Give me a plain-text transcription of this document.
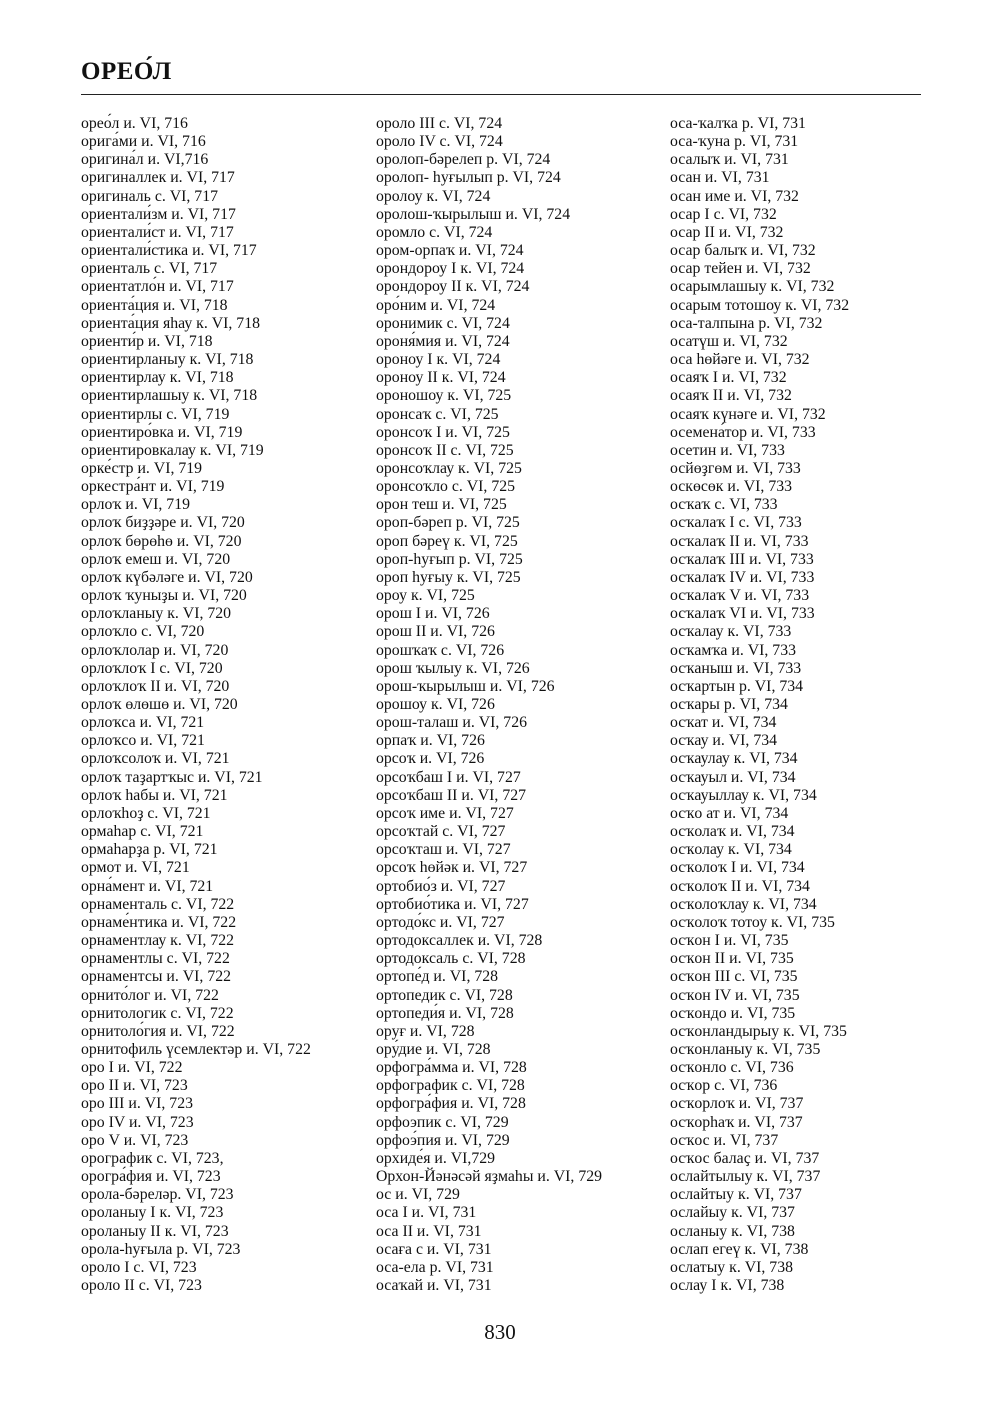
ОРЕО́Л
орео́л и. VI, 716
орига́ми и. VI, 716
оригина́л и. VI,716
оригиналлек и. VI, 717
оригиналь с. VI, 717
ориентали́зм и. VI, 717
ориентали́ст и. VI, 717
ориентали́стика и. VI, 717
ориенталь с. VI, 717
ориентатло́н и. VI, 717
ориента́ция и. VI, 718
ориента́ция яһау к. VI, 718
ориенти́р и. VI, 718
ориентирланыу к. VI, 718
ориентирлау к. VI, 718
ориентирлашыу к. VI, 718
ориентирлы с. VI, 719
ориентиро́вка и. VI, 719
ориентировкалау к. VI, 719
орке́стр и. VI, 719
оркестра́нт и. VI, 719
орлоҡ и. VI, 719
орлоҡ биҙҙәре и. VI, 720
орлоҡ бөрөһө и. VI, 720
орлоҡ емеш и. VI, 720
орлоҡ күбәләге и. VI, 720
орлоҡ ҡуныҙы и. VI, 720
орлоҡланыу к. VI, 720
орлоҡло с. VI, 720
орлоҡлолар и. VI, 720
орлоҡлоҡ I с. VI, 720
орлоҡлоҡ II и. VI, 720
орлоҡ өлөшө и. VI, 720
орлоҡса и. VI, 721
орлоҡсо и. VI, 721
орлоҡсолоҡ и. VI, 721
орлоҡ таҙартҡыс и. VI, 721
орлоҡ һабы и. VI, 721
орлоҡһоҙ с. VI, 721
ормаһар с. VI, 721
ормаһарҙа р. VI, 721
ормот и. VI, 721
орна́мент и. VI, 721
орнаменталь с. VI, 722
орнаме́нтика и. VI, 722
орнаментлау к. VI, 722
орнаментлы с. VI, 722
орнаментсы и. VI, 722
орнито́лог и. VI, 722
орнитологик с. VI, 722
орнитоло́гия и. VI, 722
орнитофиль үсемлектәр и. VI, 722
оро I и. VI, 722
оро II и. VI, 723
оро III и. VI, 723
оро IV и. VI, 723
оро V и. VI, 723
орографик с. VI, 723,
орогра́фия и. VI, 723
орола-бәреләр. VI, 723
ороланыу I к. VI, 723
ороланыу II к. VI, 723
орола-һуғыла р. VI, 723
ороло I с. VI, 723
ороло II с. VI, 723
ороло III с. VI, 724
ороло IV с. VI, 724
оролоп-бәрелеп р. VI, 724
оролоп- һуғылып р. VI, 724
оролоу к. VI, 724
оролош-ҡырылыш и. VI, 724
оромло с. VI, 724
ором-орпаҡ и. VI, 724
орондороу I к. VI, 724
орондороу II к. VI, 724
оро́ним и. VI, 724
оронимик с. VI, 724
ороня́мия и. VI, 724
ороноу I к. VI, 724
ороноу II к. VI, 724
ороношоу к. VI, 725
оронсаҡ с. VI, 725
оронсоҡ I и. VI, 725
оронсоҡ II с. VI, 725
оронсоҡлау к. VI, 725
оронсоҡло с. VI, 725
орон теш и. VI, 725
ороп-бәреп р. VI, 725
ороп бәреү к. VI, 725
ороп-һуғып р. VI, 725
ороп һуғыу к. VI, 725
ороу к. VI, 725
орош I и. VI, 726
орош II и. VI, 726
орошҡаҡ с. VI, 726
орош ҡылыу к. VI, 726
орош-ҡырылыш и. VI, 726
орошоу к. VI, 726
орош-талаш и. VI, 726
орпаҡ и. VI, 726
орсоҡ и. VI, 726
орсоҡбаш I и. VI, 727
орсоҡбаш II и. VI, 727
орсоҡ име и. VI, 727
орсоҡтай с. VI, 727
орсоҡташ и. VI, 727
орсоҡ һөйәк и. VI, 727
ортобио́з и. VI, 727
ортобио́тика и. VI, 727
ортодо́кс и. VI, 727
ортодоксаллек и. VI, 728
ортодоксаль с. VI, 728
ортопе́д и. VI, 728
ортопедик с. VI, 728
ортопеди́я и. VI, 728
оруғ и. VI, 728
ору́дие и. VI, 728
орфогра́мма и. VI, 728
орфографик с. VI, 728
орфогра́фия и. VI, 728
орфоэпик с. VI, 729
орфоэ́пия и. VI, 729
орхиде́я и. VI,729
Орхон-Йәнәсәй яҙмаһы и. VI, 729
ос и. VI, 729
оса I и. VI, 731
оса II и. VI, 731
осаға с и. VI, 731
оса-ела р. VI, 731
осаҡай и. VI, 731
оса-ҡалҡа р. VI, 731
оса-ҡуна р. VI, 731
осалыҡ и. VI, 731
осан и. VI, 731
осан име и. VI, 732
осар I с. VI, 732
осар II и. VI, 732
осар балыҡ и. VI, 732
осар тейен и. VI, 732
осарымлашыу к. VI, 732
осарым тотошоу к. VI, 732
оса-талпына р. VI, 732
осатүш и. VI, 732
оса һөйәге и. VI, 732
осаяҡ I и. VI, 732
осаяҡ II и. VI, 732
осаяҡ күнәге и. VI, 732
осемена́тор и. VI, 733
осетин и. VI, 733
осйөҙгөм и. VI, 733
оскөсөк и. VI, 733
осҡаҡ с. VI, 733
осҡалаҡ I с. VI, 733
осҡалаҡ II и. VI, 733
осҡалаҡ III и. VI, 733
осҡалаҡ IV и. VI, 733
осҡалаҡ V и. VI, 733
осҡалаҡ VI и. VI, 733
осҡалау к. VI, 733
осҡамҡа и. VI, 733
осҡаныш и. VI, 733
осҡартын р. VI, 734
осҡары р. VI, 734
осҡат и. VI, 734
осҡау и. VI, 734
осҡаулау к. VI, 734
осҡауыл и. VI, 734
осҡауыллау к. VI, 734
осҡо ат и. VI, 734
осҡолаҡ и. VI, 734
осҡолау к. VI, 734
осҡолоҡ I и. VI, 734
осҡолоҡ II и. VI, 734
осҡолоҡлау к. VI, 734
осҡолоҡ тотоу к. VI, 735
осҡон I и. VI, 735
осҡон II и. VI, 735
осҡон III с. VI, 735
осҡон IV и. VI, 735
осҡондо и. VI, 735
осҡонландырыу к. VI, 735
осҡонланыу к. VI, 735
осҡонло с. VI, 736
осҡор с. VI, 736
осҡорлоҡ и. VI, 737
осҡорһаҡ и. VI, 737
осҡос и. VI, 737
осҡос балаҫ и. VI, 737
ослайтылыу к. VI, 737
ослайтыу к. VI, 737
ослайыу к. VI, 737
осланыу к. VI, 738
ослап егеү к. VI, 738
ослатыу к. VI, 738
ослау I к. VI, 738
830
